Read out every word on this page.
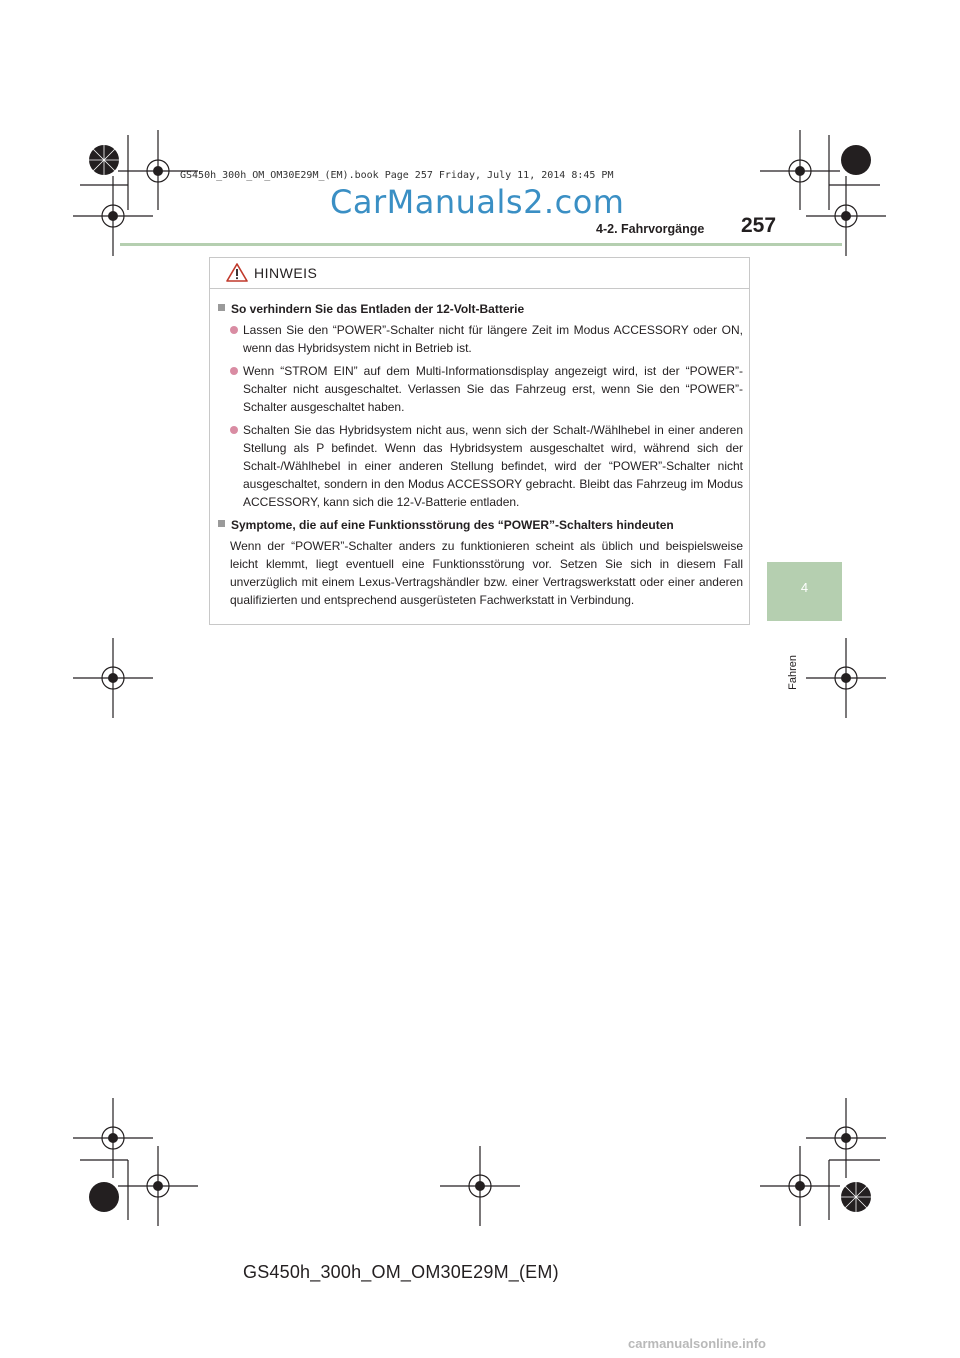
GS450h_300h_OM_OM30E29M_(EM).book Page 257 Friday, July 11, 2014 8:45 PM
CarManuals2.com
4-2. Fahrvorgänge 257
4
Fahren
HINWEIS
So verhindern Sie das Entladen der 12-Volt-Batterie
Lassen Sie den “POWER”-Schalter nicht für längere Zeit im Modus ACCESSORY oder ON, wenn das Hybridsystem nicht in Betrieb ist.
Wenn “STROM EIN” auf dem Multi-Informationsdisplay angezeigt wird, ist der “POWER”-Schalter nicht ausgeschaltet. Verlassen Sie das Fahrzeug erst, wenn Sie den “POWER”-Schalter ausgeschaltet haben.
Schalten Sie das Hybridsystem nicht aus, wenn sich der Schalt-/Wählhebel in einer anderen Stellung als P befindet. Wenn das Hybridsystem ausgeschaltet wird, während sich der Schalt-/Wählhebel in einer anderen Stellung befindet, wird der “POWER”-Schalter nicht ausgeschaltet, sondern in den Modus ACCESSORY gebracht. Bleibt das Fahrzeug im Modus ACCESSORY, kann sich die 12-V-Batterie entladen.
Symptome, die auf eine Funktionsstörung des “POWER”-Schalters hindeuten
Wenn der “POWER”-Schalter anders zu funktionieren scheint als üblich und beispielsweise leicht klemmt, liegt eventuell eine Funktionsstörung vor. Setzen Sie sich in diesem Fall unverzüglich mit einem Lexus-Vertragshändler bzw. einer Vertragswerkstatt oder einer anderen qualifizierten und entsprechend ausgerüsteten Fachwerkstatt in Verbindung.
GS450h_300h_OM_OM30E29M_(EM)
carmanualsonline.info
